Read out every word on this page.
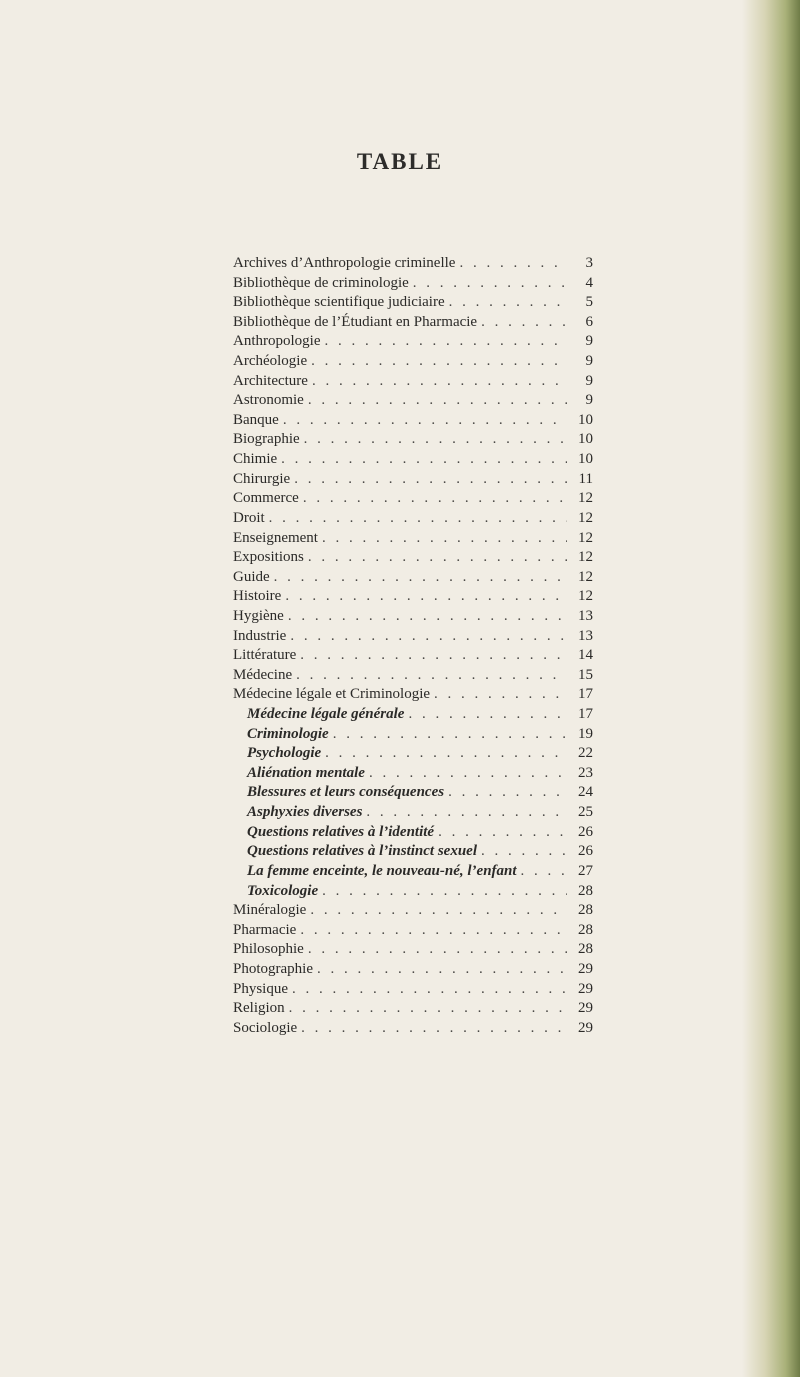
TABLE
Archives d’Anthropologie criminelle . . .	3
Bibliothèque de criminologie . . .	4
Bibliothèque scientifique judiciaire . . .	5
Bibliothèque de l’Étudiant en Pharmacie . . .	6
Anthropologie . . .	9
Archéologie . . .	9
Architecture . . .	9
Astronomie . . .	9
Banque . . .	10
Biographie . . .	10
Chimie . . .	10
Chirurgie . . .	11
Commerce . . .	12
Droit . . .	12
Enseignement . . .	12
Expositions . . .	12
Guide . . .	12
Histoire . . .	12
Hygiène . . .	13
Industrie . . .	13
Littérature . . .	14
Médecine . . .	15
Médecine légale et Criminologie . . .	17
Médecine légale générale . . .	17
Criminologie . . .	19
Psychologie . . .	22
Aliénation mentale . . .	23
Blessures et leurs conséquences . . .	24
Asphyxies diverses . . .	25
Questions relatives à l’identité . . .	26
Questions relatives à l’instinct sexuel . . .	26
La femme enceinte, le nouveau-né, l’enfant . . .	27
Toxicologie . . .	28
Minéralogie . . .	28
Pharmacie . . .	28
Philosophie . . .	28
Photographie . . .	29
Physique . . .	29
Religion . . .	29
Sociologie . . .	29
